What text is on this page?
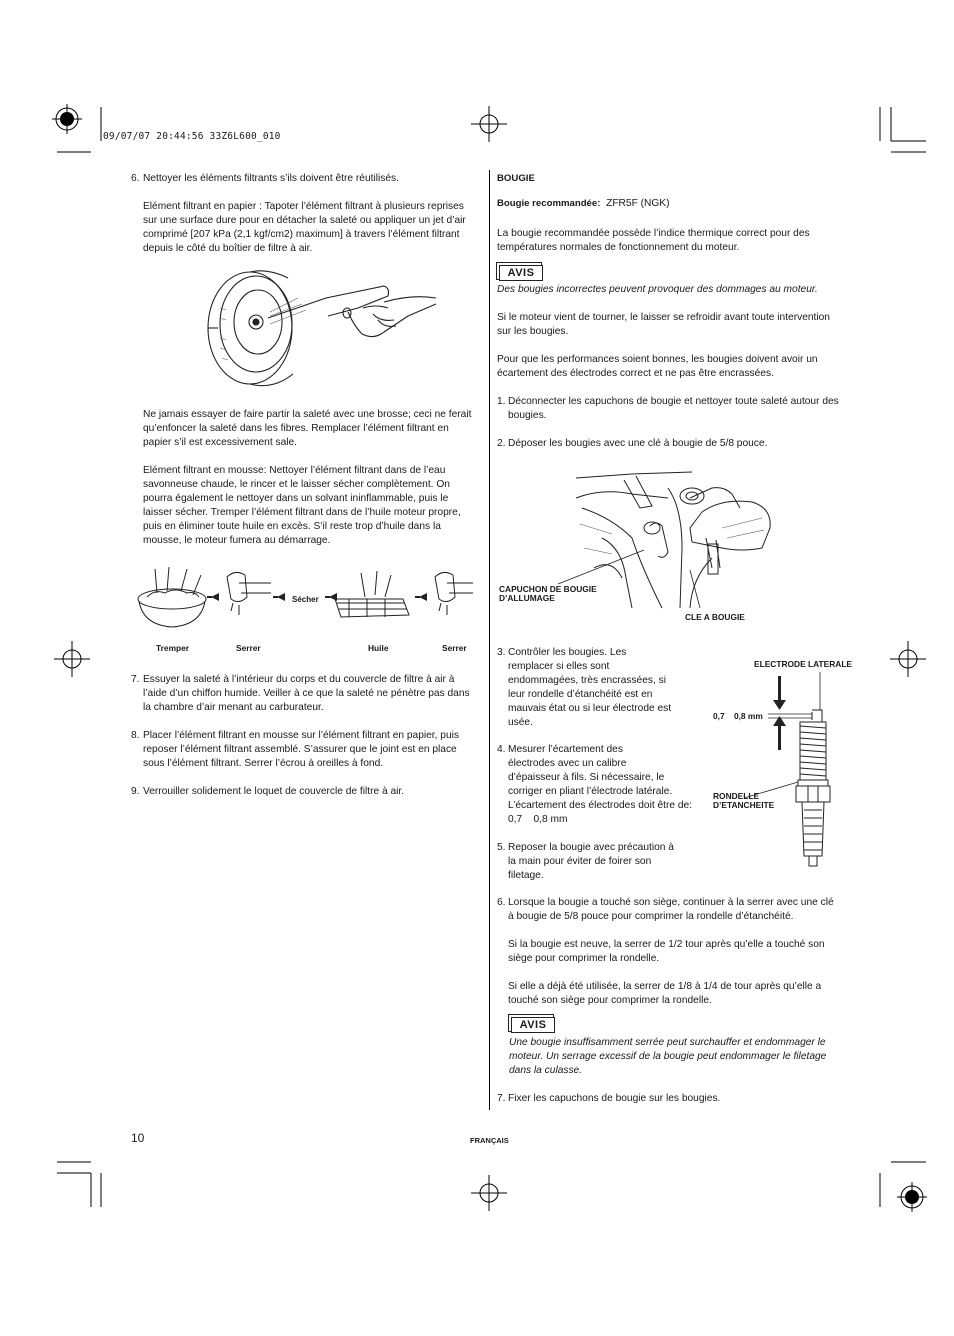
09/07/07 20:44:56 33Z6L600_010
6. Nettoyer les éléments filtrants s’ils doivent être réutilisés.
Elément filtrant en papier : Tapoter l’élément filtrant à plusieurs reprises
sur une surface dure pour en détacher la saleté ou appliquer un jet d’air
comprimé [207 kPa (2,1 kgf/cm2) maximum] à travers l’élément filtrant
depuis le côté du boîtier de filtre à air.
Ne jamais essayer de faire partir la saleté avec une brosse; ceci ne ferait
qu’enfoncer la saleté dans les fibres. Remplacer l’élément filtrant en
papier s’il est excessivement sale.
Elément filtrant en mousse: Nettoyer l’élément filtrant dans de l’eau
savonneuse chaude, le rincer et le laisser sécher complètement. On
pourra également le nettoyer dans un solvant ininflammable, puis le
laisser sécher. Tremper l’élément filtrant dans de l’huile moteur propre,
puis en éliminer toute huile en excès. S’il reste trop d’huile dans la
mousse, le moteur fumera au démarrage.
Sécher
Tremper	Serrer	Huile	Serrer
7. Essuyer la saleté à l’intérieur du corps et du couvercle de filtre à air à
l’aide d’un chiffon humide. Veiller à ce que la saleté ne pénètre pas dans
la chambre d’air menant au carburateur.
8. Placer l’élément filtrant en mousse sur l’élément filtrant en papier, puis
reposer l’élément filtrant assemblé. S’assurer que le joint est en place
sous l’élément filtrant. Serrer l’écrou à oreilles à fond.
9. Verrouiller solidement le loquet de couvercle de filtre à air.
BOUGIE
Bougie recommandée: ZFR5F (NGK)
La bougie recommandée possède l’indice thermique correct pour des
températures normales de fonctionnement du moteur.
AVIS
Des bougies incorrectes peuvent provoquer des dommages au moteur.
Si le moteur vient de tourner, le laisser se refroidir avant toute intervention
sur les bougies.
Pour que les performances soient bonnes, les bougies doivent avoir un
écartement des électrodes correct et ne pas être encrassées.
1. Déconnecter les capuchons de bougie et nettoyer toute saleté autour des
bougies.
2. Déposer les bougies avec une clé à bougie de 5/8 pouce.
CAPUCHON DE BOUGIE
D’ALLUMAGE
CLE A BOUGIE
3. Contrôler les bougies. Les
remplacer si elles sont
endommagées, très encrassées, si
leur rondelle d’étanchéité est en
mauvais état ou si leur électrode est
usée.
4. Mesurer l’écartement des
électrodes avec un calibre
d’épaisseur à fils. Si nécessaire, le
corriger en pliant l’électrode latérale.
L’écartement des électrodes doit être de:
0,7    0,8 mm
5. Reposer la bougie avec précaution à
la main pour éviter de foirer son
filetage.
ELECTRODE LATERALE
0,7    0,8 mm
RONDELLE
D’ETANCHEITE
6. Lorsque la bougie a touché son siège, continuer à la serrer avec une clé
à bougie de 5/8 pouce pour comprimer la rondelle d’étanchéité.
Si la bougie est neuve, la serrer de 1/2 tour après qu’elle a touché son
siège pour comprimer la rondelle.
Si elle a déjà été utilisée, la serrer de 1/8 à 1/4 de tour après qu’elle a
touché son siège pour comprimer la rondelle.
AVIS
Une bougie insuffisamment serrée peut surchauffer et endommager le
moteur. Un serrage excessif de la bougie peut endommager le filetage
dans la culasse.
7. Fixer les capuchons de bougie sur les bougies.
10	FRANÇAIS
